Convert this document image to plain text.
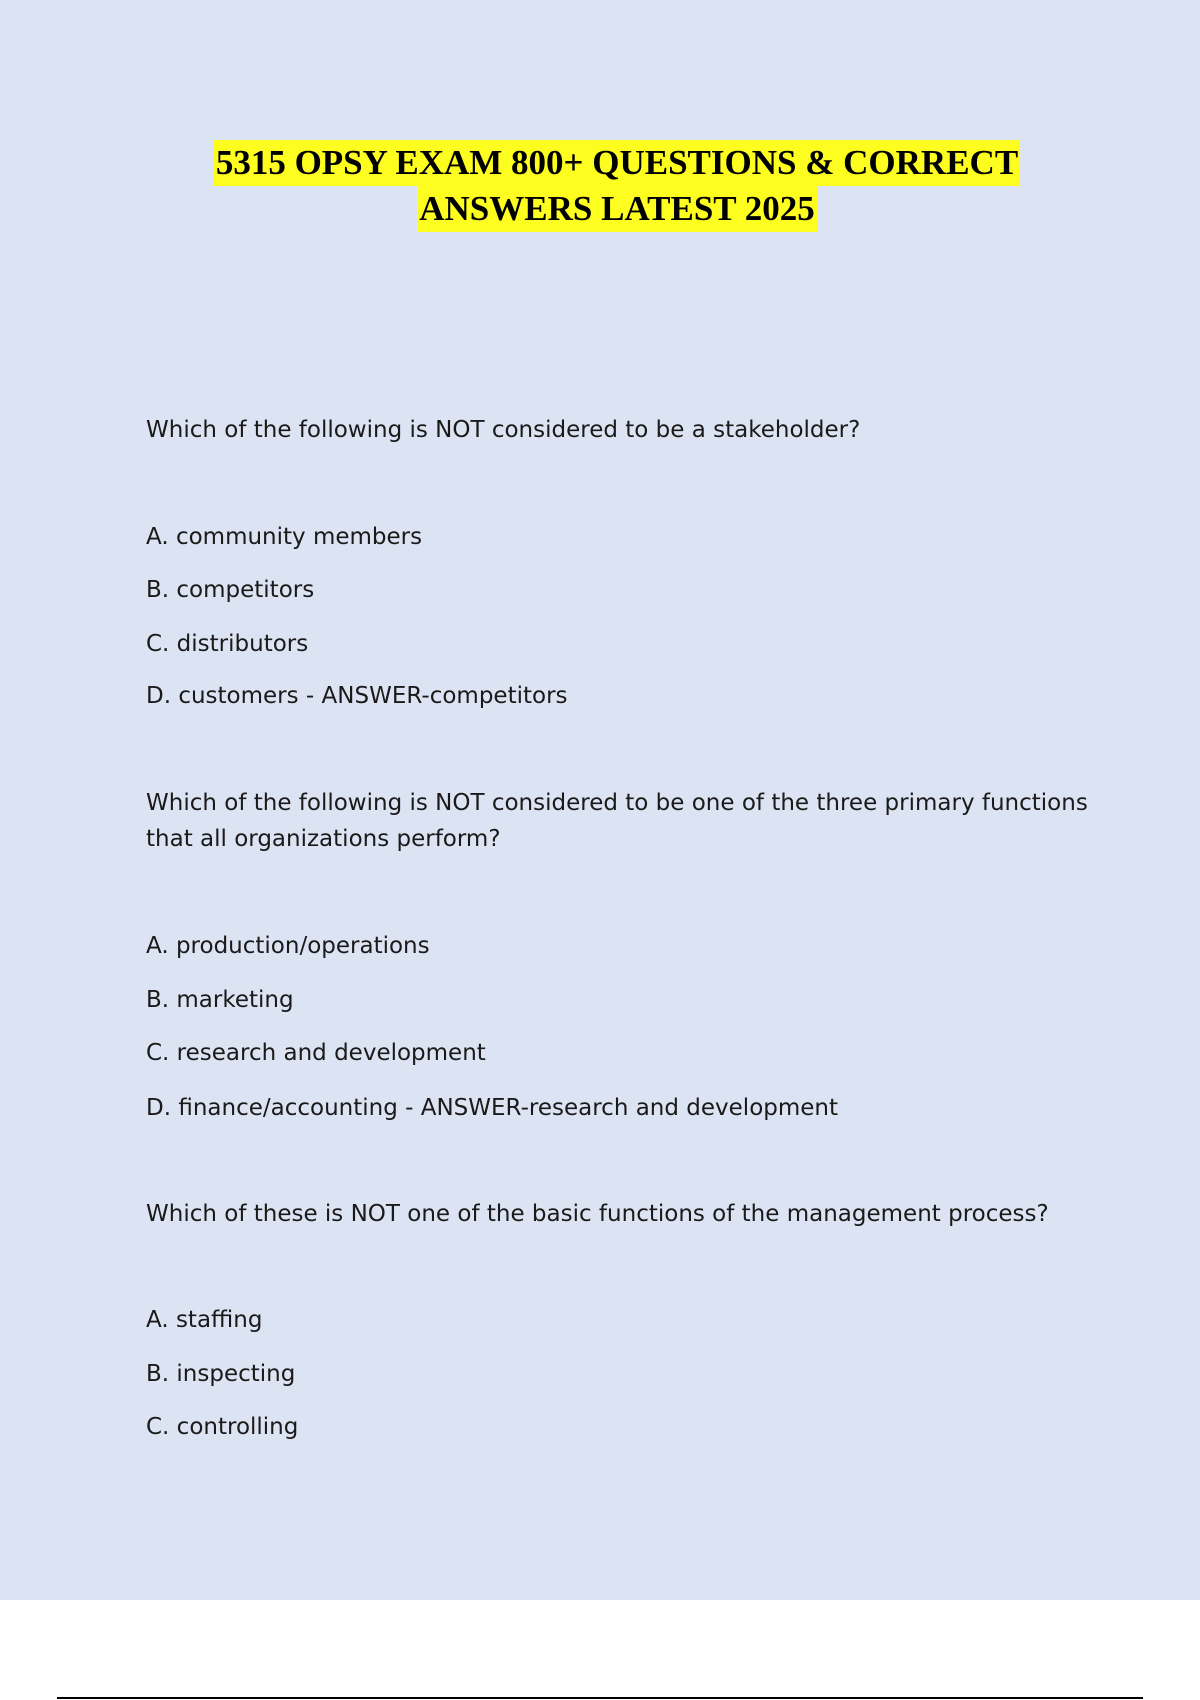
5315 OPSY EXAM 800+ QUESTIONS & CORRECT
ANSWERS LATEST 2025
Which of the following is NOT considered to be a stakeholder?
A. community members
B. competitors
C. distributors
D. customers - ANSWER-competitors
Which of the following is NOT considered to be one of the three primary functions
that all organizations perform?
A. production/operations
B. marketing
C. research and development
D. finance/accounting - ANSWER-research and development
Which of these is NOT one of the basic functions of the management process?
A. staffing
B. inspecting
C. controlling
